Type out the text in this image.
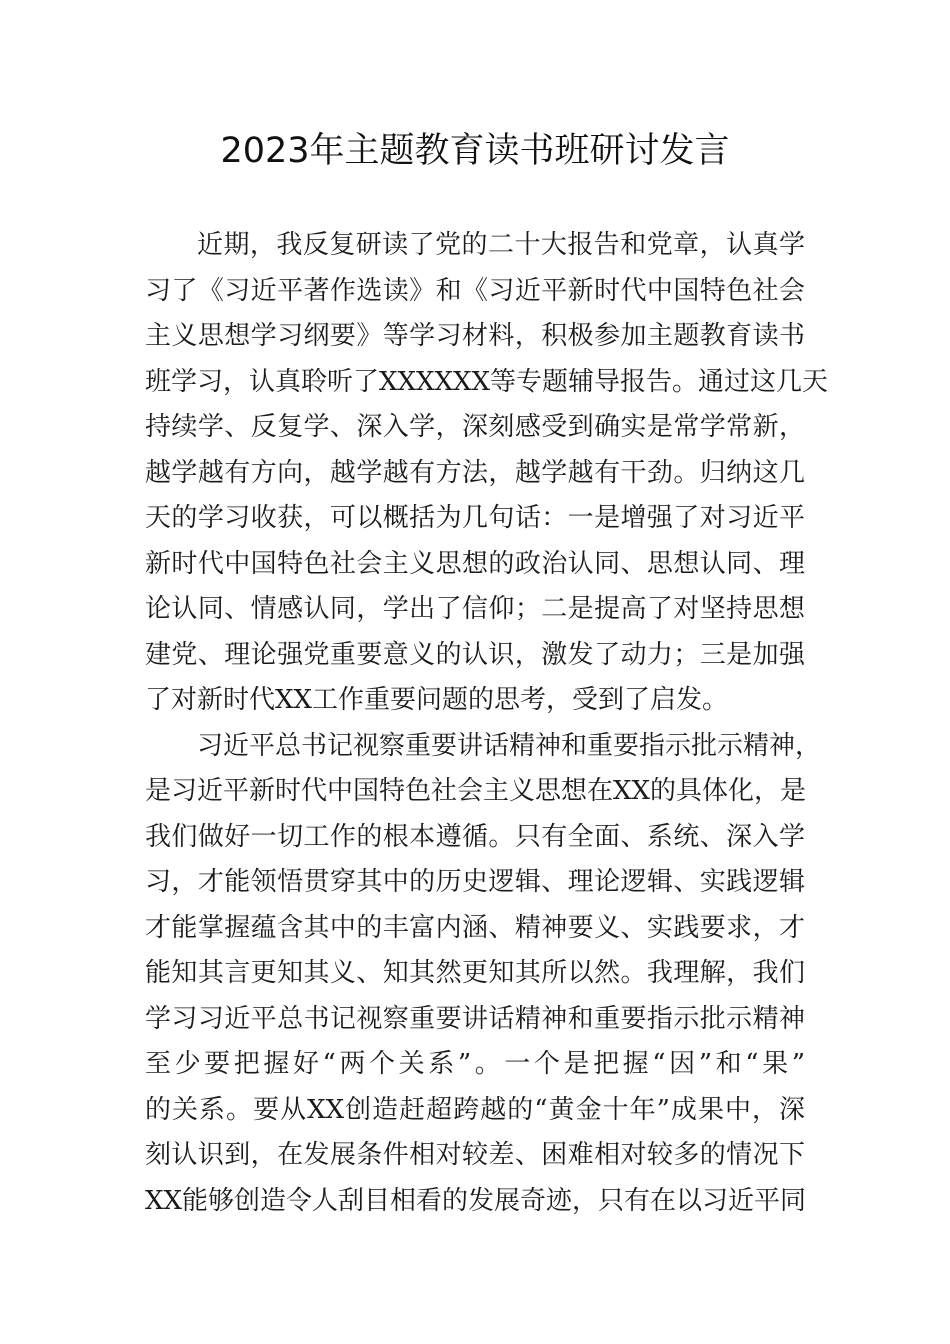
2023年主题教育读书班研讨发言
近期，我反复研读了党的二十大报告和党章，认真学
习了《习近平著作选读》和《习近平新时代中国特色社会
主义思想学习纲要》等学习材料，积极参加主题教育读书
班学习，认真聆听了XXXXXX等专题辅导报告。通过这几天
持续学、反复学、深入学，深刻感受到确实是常学常新，
越学越有方向，越学越有方法，越学越有干劲。归纳这几
天的学习收获，可以概括为几句话：一是增强了对习近平
新时代中国特色社会主义思想的政治认同、思想认同、理
论认同、情感认同，学出了信仰；二是提高了对坚持思想
建党、理论强党重要意义的认识，激发了动力；三是加强
了对新时代XX工作重要问题的思考，受到了启发。
习近平总书记视察重要讲话精神和重要指示批示精神，
是习近平新时代中国特色社会主义思想在XX的具体化，是
我们做好一切工作的根本遵循。只有全面、系统、深入学
习，才能领悟贯穿其中的历史逻辑、理论逻辑、实践逻辑
才能掌握蕴含其中的丰富内涵、精神要义、实践要求，才
能知其言更知其义、知其然更知其所以然。我理解，我们
学习习近平总书记视察重要讲话精神和重要指示批示精神
至少要把握好“两个关系”。一个是把握“因”和“果”
的关系。要从XX创造赶超跨越的“黄金十年”成果中，深
刻认识到，在发展条件相对较差、困难相对较多的情况下
XX能够创造令人刮目相看的发展奇迹，只有在以习近平同
